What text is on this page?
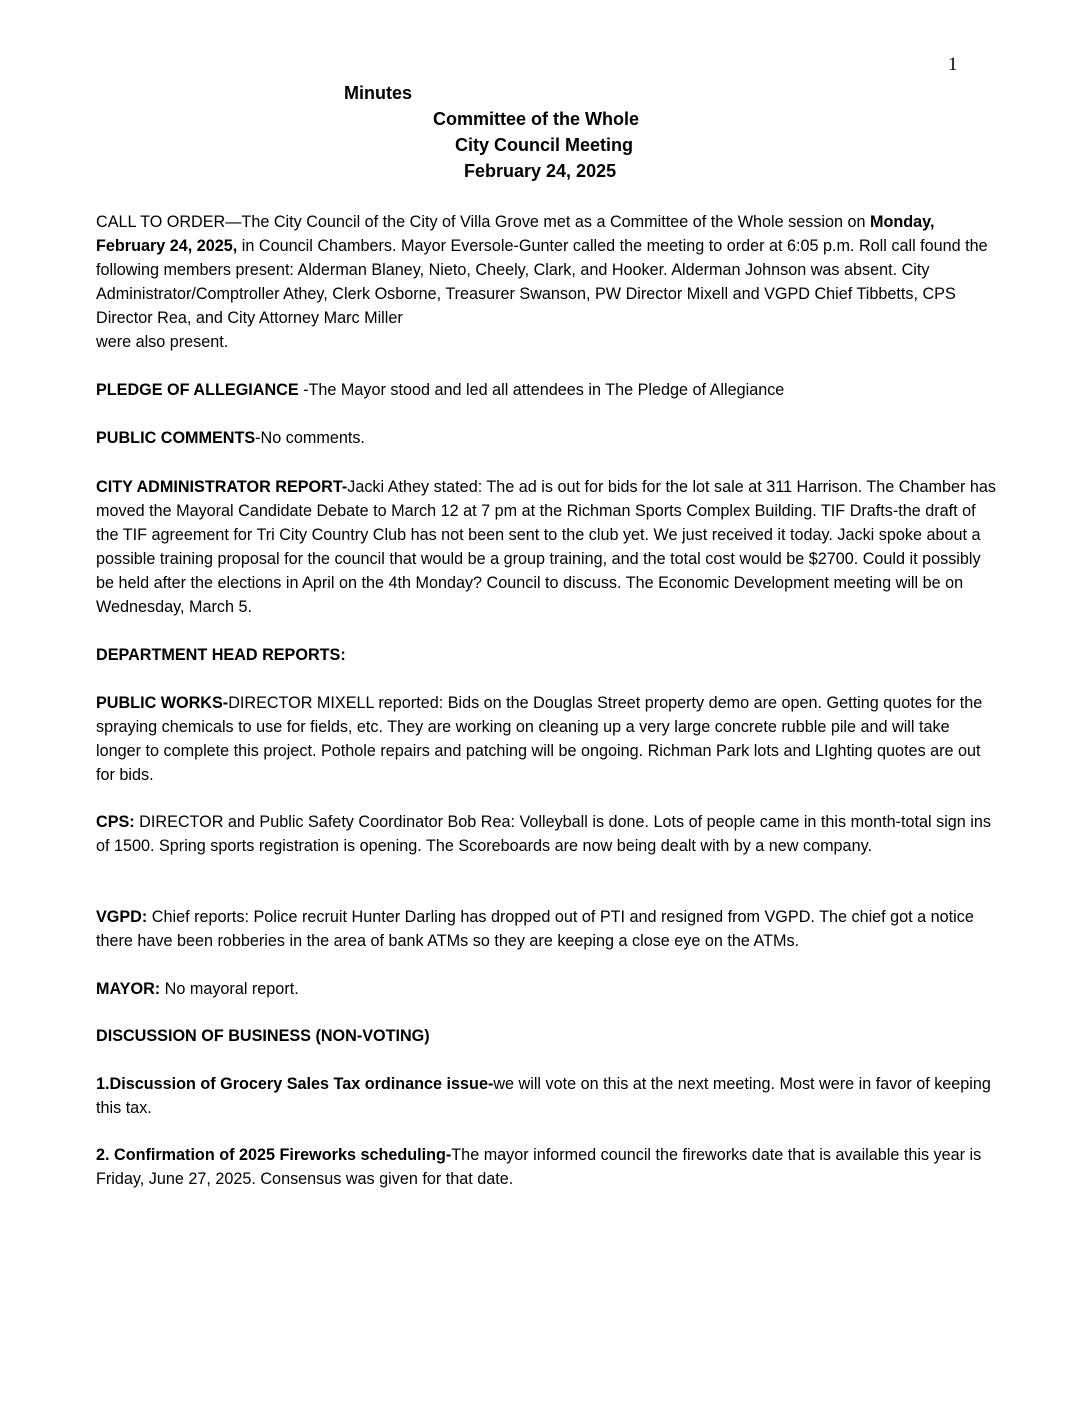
1
Minutes
Committee of the Whole
City Council Meeting
February 24, 2025

CALL TO ORDER—The City Council of the City of Villa Grove met as a Committee of the Whole session on Monday, February 24, 2025, in Council Chambers. Mayor Eversole-Gunter called the meeting to order at 6:05 p.m. Roll call found the following members present: Alderman Blaney, Nieto, Cheely, Clark, and Hooker. Alderman Johnson was absent. City Administrator/Comptroller Athey, Clerk Osborne, Treasurer Swanson, PW Director Mixell and VGPD Chief Tibbetts, CPS Director Rea, and City Attorney Marc Miller
were also present.

PLEDGE OF ALLEGIANCE -The Mayor stood and led all attendees in The Pledge of Allegiance

PUBLIC COMMENTS-No comments.

CITY ADMINISTRATOR REPORT-Jacki Athey stated: The ad is out for bids for the lot sale at 311 Harrison. The Chamber has moved the Mayoral Candidate Debate to March 12 at 7 pm at the Richman Sports Complex Building. TIF Drafts-the draft of the TIF agreement for Tri City Country Club has not been sent to the club yet. We just received it today. Jacki spoke about a possible training proposal for the council that would be a group training, and the total cost would be $2700. Could it possibly be held after the elections in April on the 4th Monday? Council to discuss. The Economic Development meeting will be on Wednesday, March 5.

DEPARTMENT HEAD REPORTS:

PUBLIC WORKS-DIRECTOR MIXELL reported: Bids on the Douglas Street property demo are open. Getting quotes for the spraying chemicals to use for fields, etc. They are working on cleaning up a very large concrete rubble pile and will take longer to complete this project. Pothole repairs and patching will be ongoing. Richman Park lots and LIghting quotes are out for bids.

CPS: DIRECTOR and Public Safety Coordinator Bob Rea: Volleyball is done. Lots of people came in this month-total sign ins of 1500. Spring sports registration is opening. The Scoreboards are now being dealt with by a new company.

VGPD: Chief reports: Police recruit Hunter Darling has dropped out of PTI and resigned from VGPD. The chief got a notice there have been robberies in the area of bank ATMs so they are keeping a close eye on the ATMs.

MAYOR: No mayoral report.

DISCUSSION OF BUSINESS (NON-VOTING)

1.Discussion of Grocery Sales Tax ordinance issue-we will vote on this at the next meeting. Most were in favor of keeping this tax.

2. Confirmation of 2025 Fireworks scheduling-The mayor informed council the fireworks date that is available this year is Friday, June 27, 2025. Consensus was given for that date.
